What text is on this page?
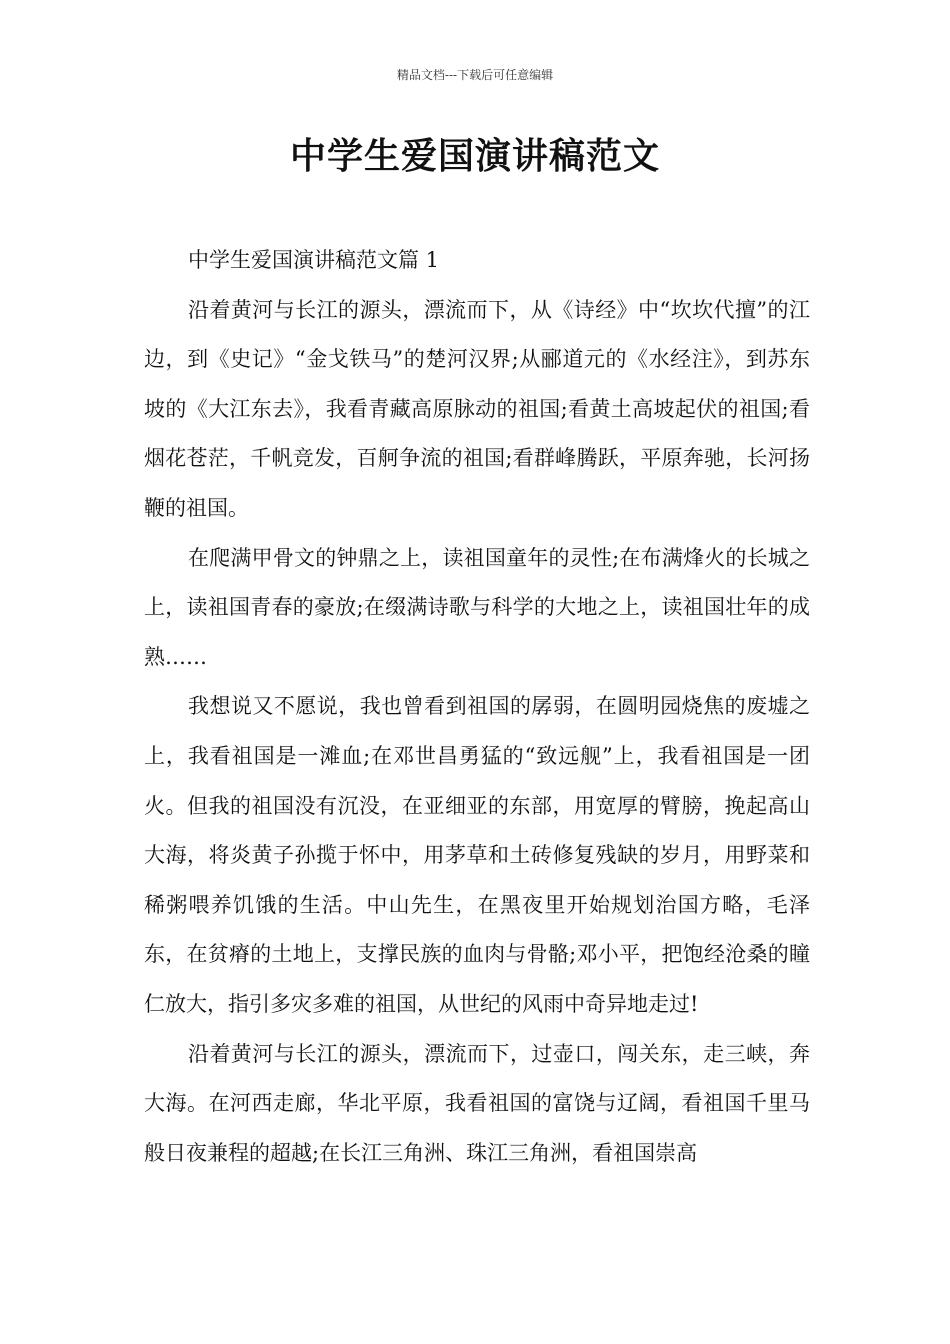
精品文档---下载后可任意编辑
中学生爱国演讲稿范文

中学生爱国演讲稿范文篇 1

沿着黄河与长江的源头，漂流而下，从《诗经》中“坎坎代擅”的江边，到《史记》“金戈铁马”的楚河汉界;从郦道元的《水经注》，到苏东坡的《大江东去》，我看青藏高原脉动的祖国;看黄土高坡起伏的祖国;看烟花苍茫，千帆竞发，百舸争流的祖国;看群峰腾跃，平原奔驰，长河扬鞭的祖国。

在爬满甲骨文的钟鼎之上，读祖国童年的灵性;在布满烽火的长城之上，读祖国青春的豪放;在缀满诗歌与科学的大地之上，读祖国壮年的成熟……

我想说又不愿说，我也曾看到祖国的孱弱，在圆明园烧焦的废墟之上，我看祖国是一滩血;在邓世昌勇猛的“致远舰”上，我看祖国是一团火。但我的祖国没有沉没，在亚细亚的东部，用宽厚的臂膀，挽起高山大海，将炎黄子孙揽于怀中，用茅草和土砖修复残缺的岁月，用野菜和稀粥喂养饥饿的生活。中山先生，在黑夜里开始规划治国方略，毛泽东，在贫瘠的土地上，支撑民族的血肉与骨骼;邓小平，把饱经沧桑的瞳仁放大，指引多灾多难的祖国，从世纪的风雨中奇异地走过!

沿着黄河与长江的源头，漂流而下，过壶口，闯关东，走三峡，奔大海。在河西走廊，华北平原，我看祖国的富饶与辽阔，看祖国千里马般日夜兼程的超越;在长江三角洲、珠江三角洲，看祖国崇高
